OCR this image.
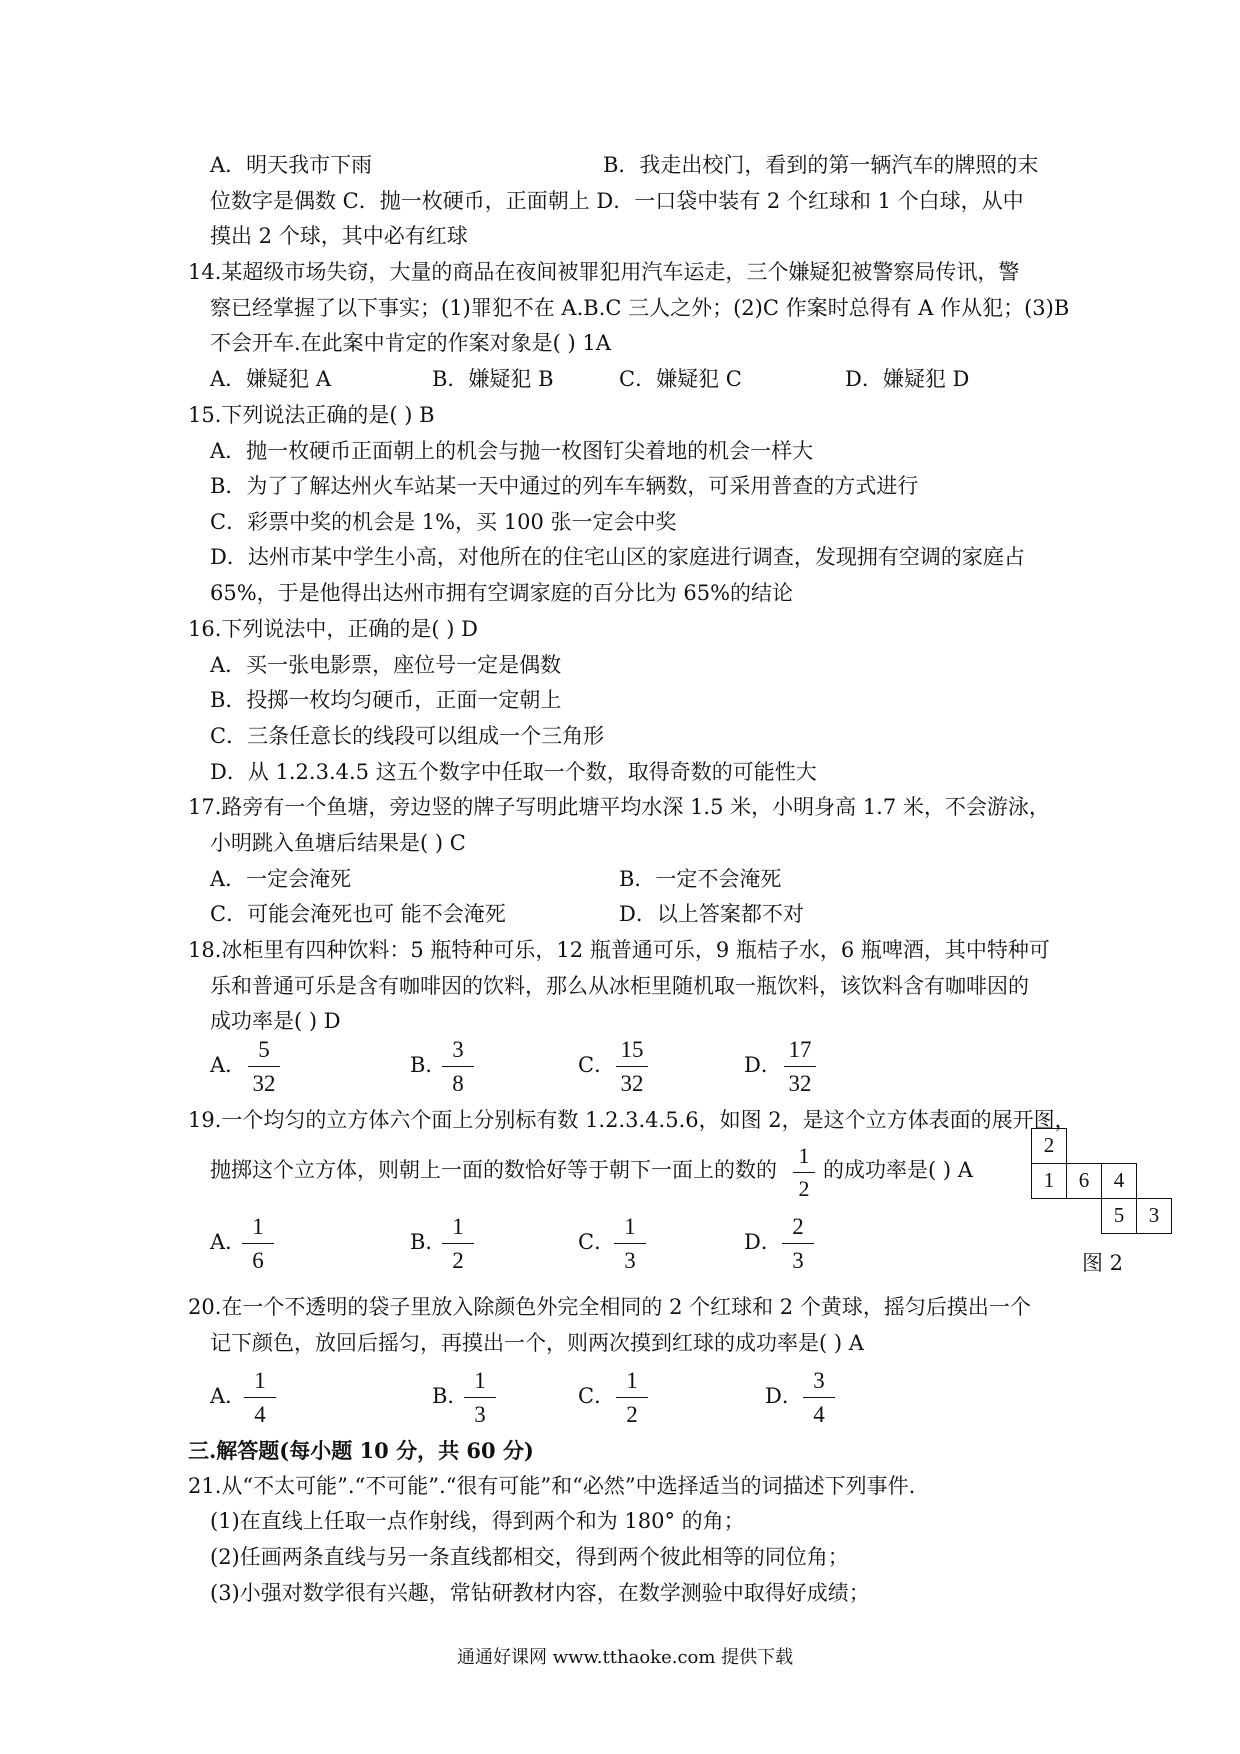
A．明天我市下雨	B．我走出校门，看到的第一辆汽车的牌照的末
位数字是偶数 C．抛一枚硬币，正面朝上 D．一口袋中装有 2 个红球和 1 个白球，从中
摸出 2 个球，其中必有红球
14.某超级市场失窃，大量的商品在夜间被罪犯用汽车运走，三个嫌疑犯被警察局传讯，警
察已经掌握了以下事实；(1)罪犯不在 A.B.C 三人之外；(2)C 作案时总得有 A 作从犯；(3)B
不会开车.在此案中肯定的作案对象是( ) 1A
A．嫌疑犯 A	B．嫌疑犯 B	C．嫌疑犯 C	D．嫌疑犯 D
15.下列说法正确的是( ) B
A．抛一枚硬币正面朝上的机会与抛一枚图钉尖着地的机会一样大
B．为了了解达州火车站某一天中通过的列车车辆数，可采用普查的方式进行
C．彩票中奖的机会是 1%，买 100 张一定会中奖
D．达州市某中学生小高，对他所在的住宅山区的家庭进行调查，发现拥有空调的家庭占
65%，于是他得出达州市拥有空调家庭的百分比为 65%的结论
16.下列说法中，正确的是( ) D
A．买一张电影票，座位号一定是偶数
B．投掷一枚均匀硬币，正面一定朝上
C．三条任意长的线段可以组成一个三角形
D．从 1.2.3.4.5 这五个数字中任取一个数，取得奇数的可能性大
17.路旁有一个鱼塘，旁边竖的牌子写明此塘平均水深 1.5 米，小明身高 1.7 米，不会游泳，
小明跳入鱼塘后结果是( ) C
A．一定会淹死	B．一定不会淹死
C．可能会淹死也可 能不会淹死	D．以上答案都不对
18.冰柜里有四种饮料：5 瓶特种可乐，12 瓶普通可乐，9 瓶桔子水，6 瓶啤酒，其中特种可
乐和普通可乐是含有咖啡因的饮料，那么从冰柜里随机取一瓶饮料，该饮料含有咖啡因的
成功率是( ) D
A．
5
32
B．
3
8
C．
15
32
D．
17
32
19.一个均匀的立方体六个面上分别标有数 1.2.3.4.5.6，如图 2，是这个立方体表面的展开图，
抛掷这个立方体，则朝上一面的数恰好等于朝下一面上的数的
1
2
的成功率是( ) A
A．
1
6
B．
1
2
C．
1
3
D．
2
3
2
1	6	4
5	3
图 2
20.在一个不透明的袋子里放入除颜色外完全相同的 2 个红球和 2 个黄球，摇匀后摸出一个
记下颜色，放回后摇匀，再摸出一个，则两次摸到红球的成功率是( ) A
A．
1
4
B．
1
3
C．
1
2
D．
3
4
三.解答题(每小题 10 分，共 60 分)
21.从“不太可能”.“不可能”.“很有可能”和“必然”中选择适当的词描述下列事件.
(1)在直线上任取一点作射线，得到两个和为 180° 的角；
(2)任画两条直线与另一条直线都相交，得到两个彼此相等的同位角；
(3)小强对数学很有兴趣，常钻研教材内容，在数学测验中取得好成绩；
通通好课网 www.tthaoke.com 提供下载
